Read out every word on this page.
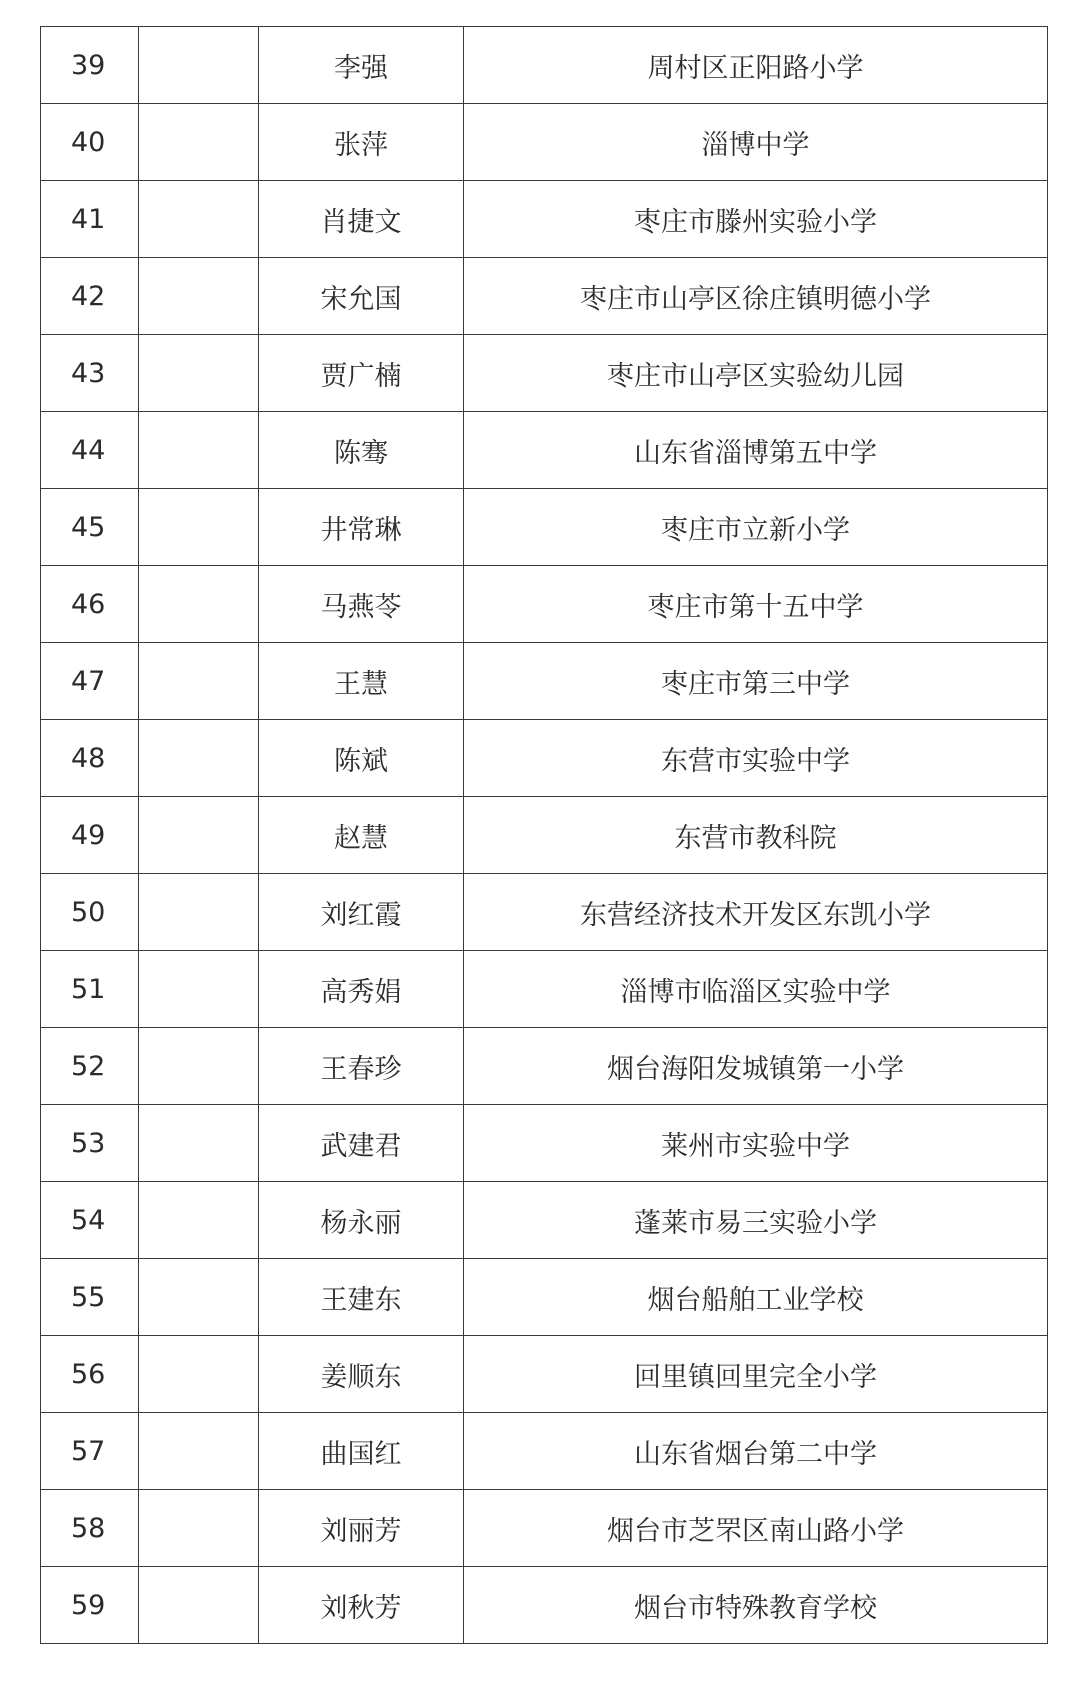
39		李强	周村区正阳路小学
40		张萍	淄博中学
41		肖捷文	枣庄市滕州实验小学
42		宋允国	枣庄市山亭区徐庄镇明德小学
43		贾广楠	枣庄市山亭区实验幼儿园
44		陈骞	山东省淄博第五中学
45		井常琳	枣庄市立新小学
46		马燕苓	枣庄市第十五中学
47		王慧	枣庄市第三中学
48		陈斌	东营市实验中学
49		赵慧	东营市教科院
50		刘红霞	东营经济技术开发区东凯小学
51		高秀娟	淄博市临淄区实验中学
52		王春珍	烟台海阳发城镇第一小学
53		武建君	莱州市实验中学
54		杨永丽	蓬莱市易三实验小学
55		王建东	烟台船舶工业学校
56		姜顺东	回里镇回里完全小学
57		曲国红	山东省烟台第二中学
58		刘丽芳	烟台市芝罘区南山路小学
59		刘秋芳	烟台市特殊教育学校
